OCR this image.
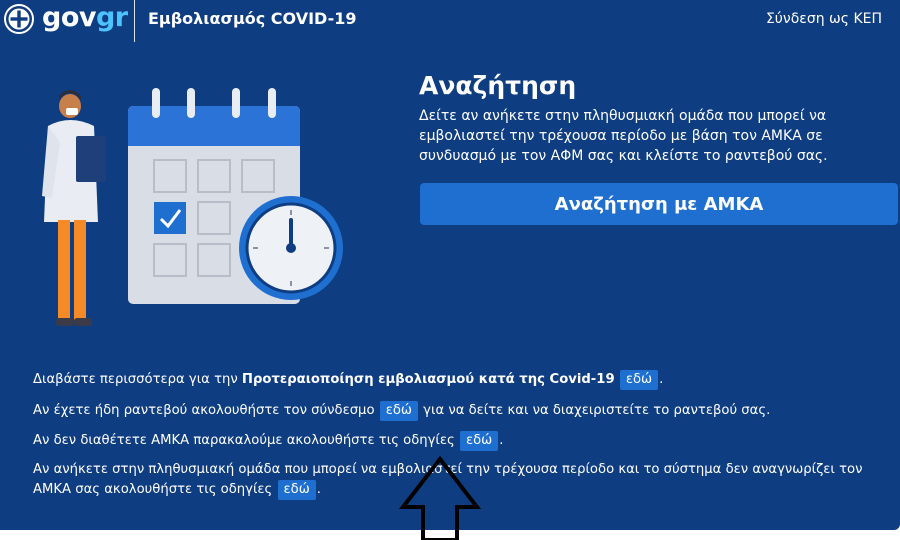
govgr Εμβολιασμός COVID-19	Σύνδεση ως ΚΕΠ
Αναζήτηση
Δείτε αν ανήκετε στην πληθυσμιακή ομάδα που μπορεί να εμβολιαστεί την τρέχουσα περίοδο με βάση τον ΑΜΚΑ σε συνδυασμό με τον ΑΦΜ σας και κλείστε το ραντεβού σας.
Αναζήτηση με ΑΜΚΑ
Διαβάστε περισσότερα για την Προτεραιοποίηση εμβολιασμού κατά της Covid-19 εδώ .
Αν έχετε ήδη ραντεβού ακολουθήστε τον σύνδεσμο εδώ για να δείτε και να διαχειριστείτε το ραντεβού σας.
Αν δεν διαθέτετε ΑΜΚΑ παρακαλούμε ακολουθήστε τις οδηγίες εδώ .
Αν ανήκετε στην πληθυσμιακή ομάδα που μπορεί να εμβολιαστεί την τρέχουσα περίοδο και το σύστημα δεν αναγνωρίζει τον
ΑΜΚΑ σας ακολουθήστε τις οδηγίες εδώ .
